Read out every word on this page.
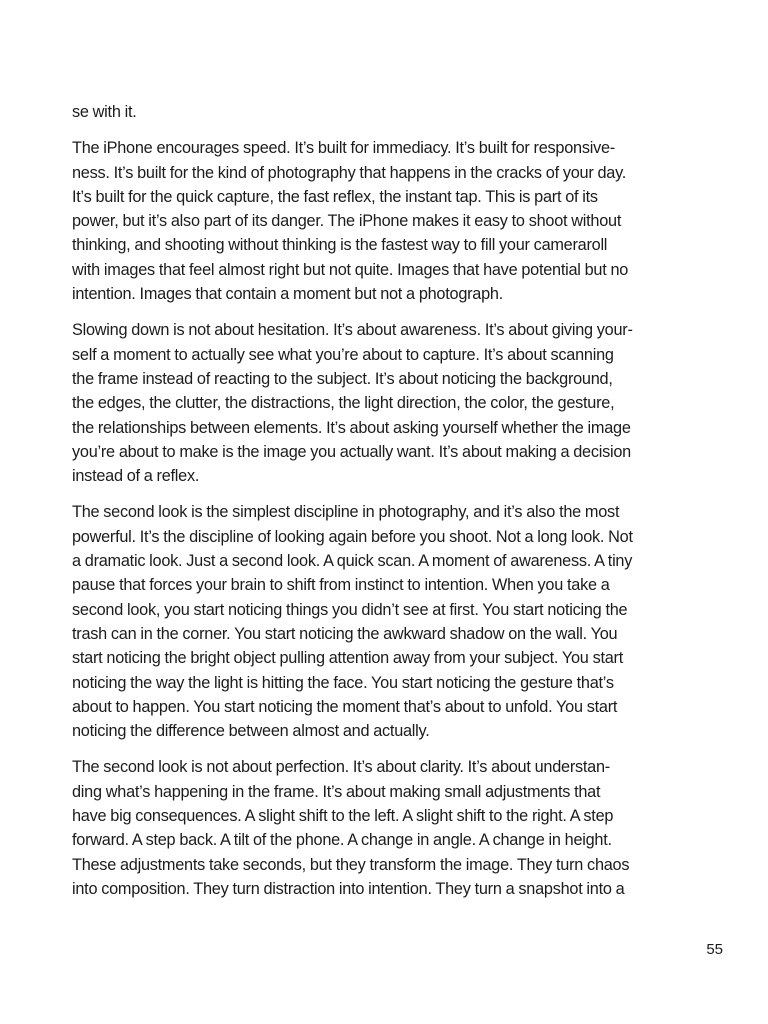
se with it.

The iPhone encourages speed. It’s built for immediacy. It’s built for responsive-
ness. It’s built for the kind of photography that happens in the cracks of your day.
It’s built for the quick capture, the fast reflex, the instant tap. This is part of its
power, but it’s also part of its danger. The iPhone makes it easy to shoot without
thinking, and shooting without thinking is the fastest way to fill your cameraroll
with images that feel almost right but not quite. Images that have potential but no
intention. Images that contain a moment but not a photograph.

Slowing down is not about hesitation. It’s about awareness. It’s about giving your-
self a moment to actually see what you’re about to capture. It’s about scanning
the frame instead of reacting to the subject. It’s about noticing the background,
the edges, the clutter, the distractions, the light direction, the color, the gesture,
the relationships between elements. It’s about asking yourself whether the image
you’re about to make is the image you actually want. It’s about making a decision
instead of a reflex.

The second look is the simplest discipline in photography, and it’s also the most
powerful. It’s the discipline of looking again before you shoot. Not a long look. Not
a dramatic look. Just a second look. A quick scan. A moment of awareness. A tiny
pause that forces your brain to shift from instinct to intention. When you take a
second look, you start noticing things you didn’t see at first. You start noticing the
trash can in the corner. You start noticing the awkward shadow on the wall. You
start noticing the bright object pulling attention away from your subject. You start
noticing the way the light is hitting the face. You start noticing the gesture that’s
about to happen. You start noticing the moment that’s about to unfold. You start
noticing the difference between almost and actually.

The second look is not about perfection. It’s about clarity. It’s about understan-
ding what’s happening in the frame. It’s about making small adjustments that
have big consequences. A slight shift to the left. A slight shift to the right. A step
forward. A step back. A tilt of the phone. A change in angle. A change in height.
These adjustments take seconds, but they transform the image. They turn chaos
into composition. They turn distraction into intention. They turn a snapshot into a

55
